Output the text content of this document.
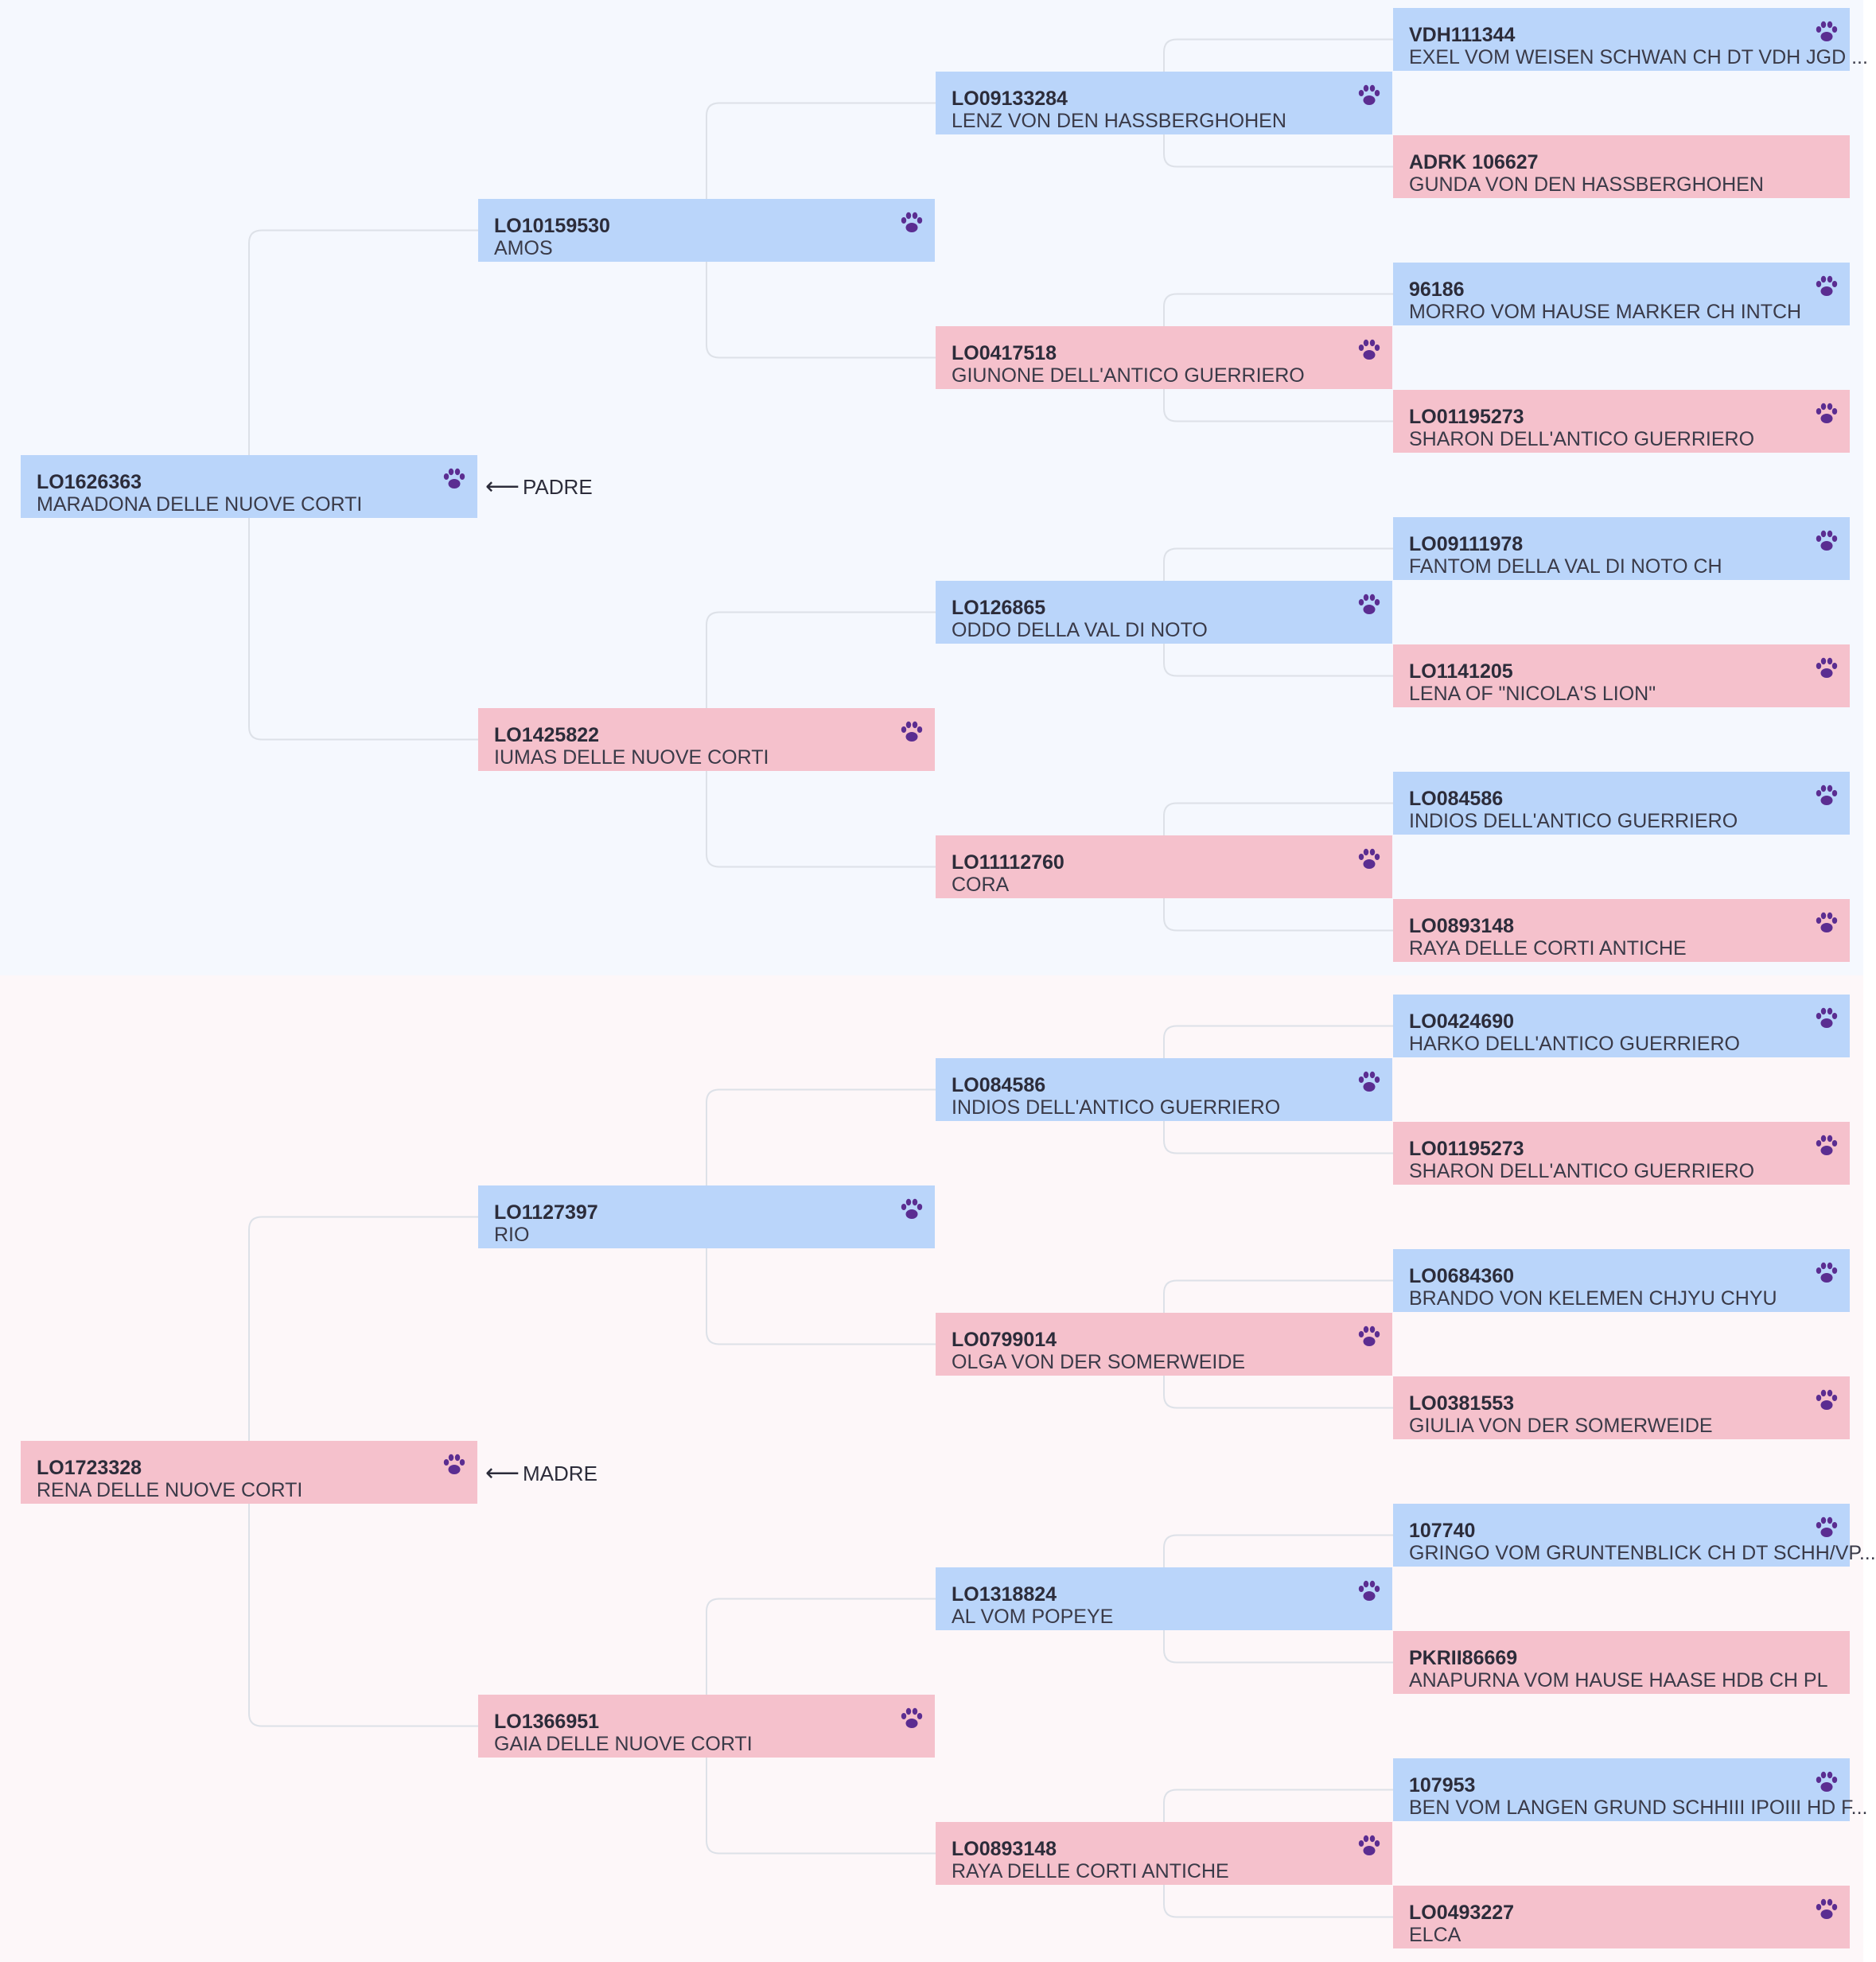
LO1626363
MARADONA DELLE NUOVE CORTI
LO1723328
RENA DELLE NUOVE CORTI
LO10159530
AMOS
LO1425822
IUMAS DELLE NUOVE CORTI
LO1127397
RIO
LO1366951
GAIA DELLE NUOVE CORTI
LO09133284
LENZ VON DEN HASSBERGHOHEN
LO0417518
GIUNONE DELL'ANTICO GUERRIERO
LO126865
ODDO DELLA VAL DI NOTO
LO11112760
CORA
LO084586
INDIOS DELL'ANTICO GUERRIERO
LO0799014
OLGA VON DER SOMERWEIDE
LO1318824
AL VOM POPEYE
LO0893148
RAYA DELLE CORTI ANTICHE
VDH111344
EXEL VOM WEISEN SCHWAN CH DT VDH JGD ...
ADRK 106627
GUNDA VON DEN HASSBERGHOHEN
96186
MORRO VOM HAUSE MARKER CH INTCH
LO01195273
SHARON DELL'ANTICO GUERRIERO
LO09111978
FANTOM DELLA VAL DI NOTO CH
LO1141205
LENA OF "NICOLA'S LION"
LO084586
INDIOS DELL'ANTICO GUERRIERO
LO0893148
RAYA DELLE CORTI ANTICHE
LO0424690
HARKO DELL'ANTICO GUERRIERO
LO01195273
SHARON DELL'ANTICO GUERRIERO
LO0684360
BRANDO VON KELEMEN CHJYU CHYU
LO0381553
GIULIA VON DER SOMERWEIDE
107740
GRINGO VOM GRUNTENBLICK CH DT SCHH/VP...
PKRII86669
ANAPURNA VOM HAUSE HAASE HDB CH PL
107953
BEN VOM LANGEN GRUND SCHHIII IPOIII HD F...
LO0493227
ELCA
⟵ PADRE
⟵ MADRE
